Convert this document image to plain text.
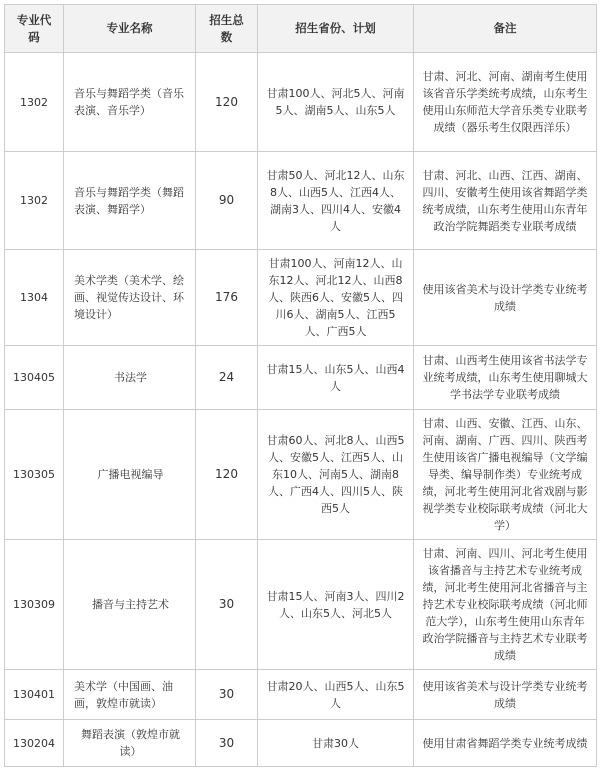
专业代码	专业名称	招生总数	招生省份、计划	备注
1302	音乐与舞蹈学类（音乐表演、音乐学）	120	甘肃100人、河北5人、河南5人、湖南5人、山东5人	甘肃、河北、河南、湖南考生使用该省音乐学类统考成绩，山东考生使用山东师范大学音乐类专业联考成绩（器乐考生仅限西洋乐）
1302	音乐与舞蹈学类（舞蹈表演、舞蹈学）	90	甘肃50人、河北12人、山东8人、山西5人、江西4人、湖南3人、四川4人、安徽4人	甘肃、河北、山西、江西、湖南、四川、安徽考生使用该省舞蹈学类统考成绩，山东考生使用山东青年政治学院舞蹈类专业联考成绩
1304	美术学类（美术学、绘画、视觉传达设计、环境设计）	176	甘肃100人、河南12人、山东12人、河北12人、山西8人、陕西6人、安徽5人、四川6人、湖南5人、江西5人、广西5人	使用该省美术与设计学类专业统考成绩
130405	书法学	24	甘肃15人、山东5人、山西4人	甘肃、山西考生使用该省书法学专业统考成绩，山东考生使用聊城大学书法学专业联考成绩
130305	广播电视编导	120	甘肃60人、河北8人、山西5人、安徽5人、江西5人、山东10人、河南5人、湖南8人、广西4人、四川5人、陕西5人	甘肃、山西、安徽、江西、山东、河南、湖南、广西、四川、陕西考生使用该省广播电视编导（文学编导类、编导制作类）专业统考成绩，河北考生使用河北省戏剧与影视学类专业校际联考成绩（河北大学）
130309	播音与主持艺术	30	甘肃15人、河南3人、四川2人、山东5人、河北5人	甘肃、河南、四川、河北考生使用该省播音与主持艺术专业统考成绩，河北考生使用河北省播音与主持艺术专业校际联考成绩（河北师范大学），山东考生使用山东青年政治学院播音与主持艺术专业联考成绩
130401	美术学（中国画、油画，敦煌市就读）	30	甘肃20人、山西5人、山东5人	使用该省美术与设计学类专业统考成绩
130204	舞蹈表演（敦煌市就读）	30	甘肃30人	使用甘肃省舞蹈学类专业统考成绩
